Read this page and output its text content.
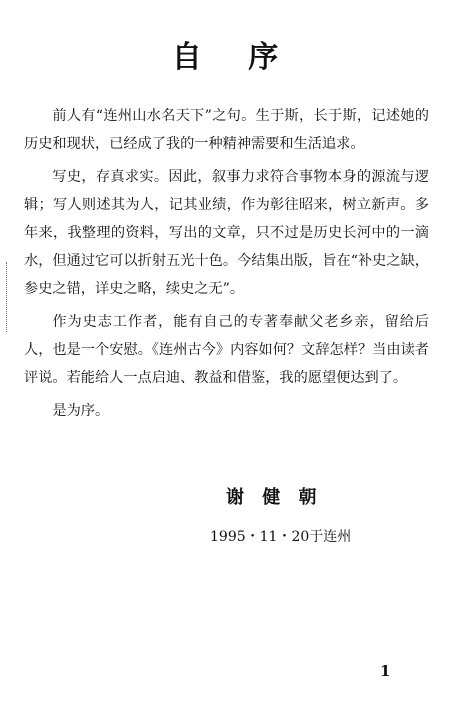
自 序

前人有“连州山水名天下”之句。生于斯，长于斯，记述她的历史和现状，已经成了我的一种精神需要和生活追求。

写史，存真求实。因此，叙事力求符合事物本身的源流与逻辑；写人则述其为人，记其业绩，作为彰往昭来，树立新声。多年来，我整理的资料，写出的文章，只不过是历史长河中的一滴水，但通过它可以折射五光十色。今结集出版，旨在“补史之缺，参史之错，详史之略，续史之无”。

作为史志工作者，能有自己的专著奉献父老乡亲，留给后人，也是一个安慰。《连州古今》内容如何？文辞怎样？当由读者评说。若能给人一点启迪、教益和借鉴，我的愿望便达到了。

是为序。

谢 健 朝
1995・11・20于连州
1
